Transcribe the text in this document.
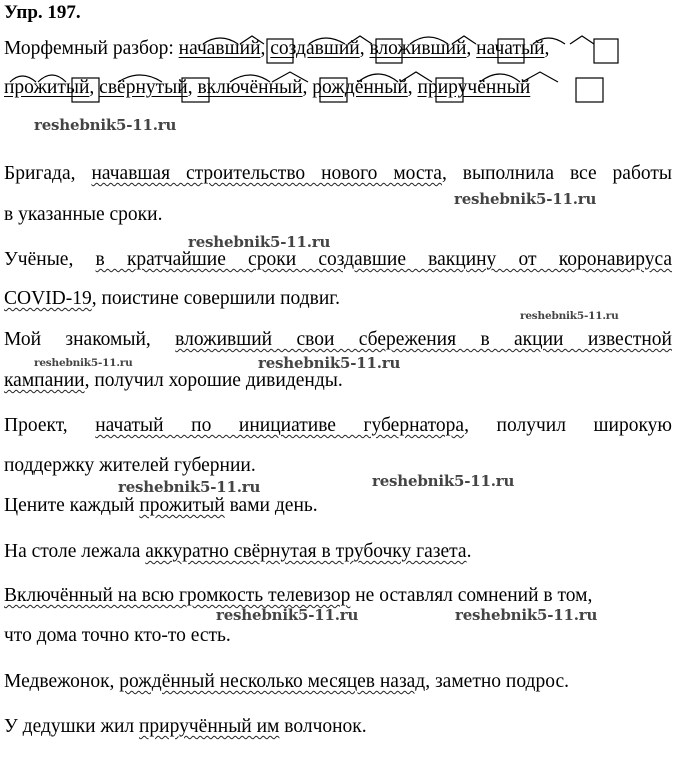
Упр. 197.
Морфемный разбор: начавший, создавший, вложивший, начатый,
прожитый, свёрнутый, включённый, рождённый, приручённый
reshebnik5-11.ru
Бригада, начавшая строительство нового моста, выполнила все работы
в указанные сроки.
reshebnik5-11.ru
reshebnik5-11.ru
Учёные, в кратчайшие сроки создавшие вакцину от коронавируса
COVID-19, поистине совершили подвиг.
reshebnik5-11.ru
Мой знакомый, вложивший свои сбережения в акции известной
reshebnik5-11.ru	reshebnik5-11.ru
кампании, получил хорошие дивиденды.
Проект, начатый по инициативе губернатора, получил широкую
поддержку жителей губернии.
reshebnik5-11.ru	reshebnik5-11.ru
Цените каждый прожитый вами день.
На столе лежала аккуратно свёрнутая в трубочку газета.
Включённый на всю громкость телевизор не оставлял сомнений в том,
reshebnik5-11.ru	reshebnik5-11.ru
что дома точно кто-то есть.
Медвежонок, рождённый несколько месяцев назад, заметно подрос.
У дедушки жил приручённый им волчонок.
